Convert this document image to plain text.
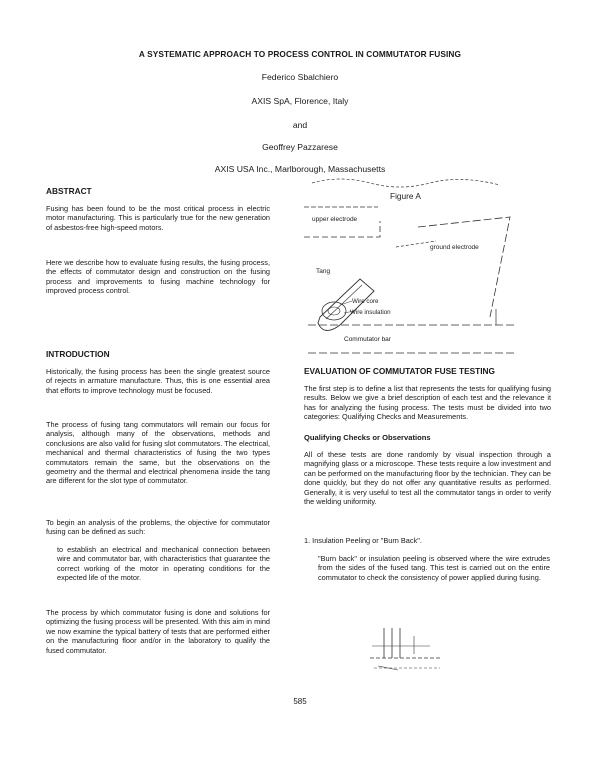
A SYSTEMATIC APPROACH TO PROCESS CONTROL IN COMMUTATOR FUSING
Federico Sbalchiero
AXIS SpA, Florence, Italy
and
Geoffrey Pazzarese
AXIS USA Inc., Marlborough, Massachusetts
ABSTRACT

Fusing has been found to be the most critical process in electric motor manufacturing. This is particularly true for the new generation of asbestos-free high-speed motors.

Here we describe how to evaluate fusing results, the fusing process, the effects of commutator design and construction on the fusing process and improvements to fusing machine technology for improved process control.

INTRODUCTION

Historically, the fusing process has been the single greatest source of rejects in armature manufacture. Thus, this is one essential area that efforts to improve technology must be focused.

The process of fusing tang commutators will remain our focus for analysis, although many of the observations, methods and conclusions are also valid for fusing slot commutators. The electrical, mechanical and thermal characteristics of fusing the two types commutators remain the same, but the observations on the geometry and the thermal and electrical phenomena inside the tang are different for the slot type of commutator.

To begin an analysis of the problems, the objective for commutator fusing can be defined as such:

to establish an electrical and mechanical connection between wire and commutator bar, with characteristics that guarantee the correct working of the motor in operating conditions for the expected life of the motor.

The process by which commutator fusing is done and solutions for optimizing the fusing process will be presented. With this aim in mind we now examine the typical battery of tests that are performed either on the manufacturing floor and/or in the laboratory to qualify the fused commutator.

Figure A
upper electrode
ground electrode
Tang
Wire core
Wire insulation
Commutator bar
EVALUATION OF COMMUTATOR FUSE TESTING

The first step is to define a list that represents the tests for qualifying fusing results. Below we give a brief description of each test and the relevance it has for analyzing the fusing process. The tests must be divided into two categories: Qualifying Checks and Measurements.

Qualifying Checks or Observations

All of these tests are done randomly by visual inspection through a magnifying glass or a microscope. These tests require a low investment and can be performed on the manufacturing floor by the technician. They can be done quickly, but they do not offer any quantitative results as performed. Generally, it is very useful to test all the commutator tangs in order to verify the welding uniformity.

1. Insulation Peeling or "Burn Back".

"Burn back" or insulation peeling is observed where the wire extrudes from the sides of the fused tang. This test is carried out on the entire commutator to check the consistency of power applied during fusing.

585
